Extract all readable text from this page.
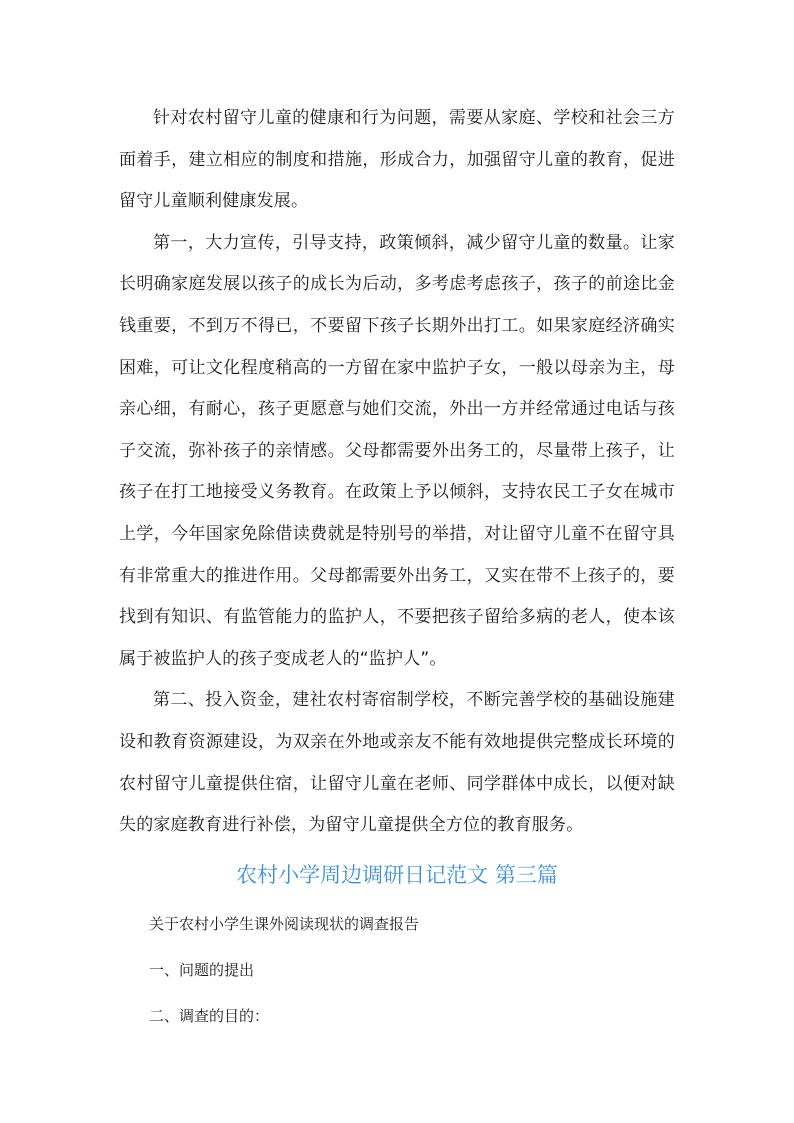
针对农村留守儿童的健康和行为问题，需要从家庭、学校和社会三方面着手，建立相应的制度和措施，形成合力，加强留守儿童的教育，促进留守儿童顺利健康发展。

第一，大力宣传，引导支持，政策倾斜，减少留守儿童的数量。让家长明确家庭发展以孩子的成长为后动，多考虑考虑孩子，孩子的前途比金钱重要，不到万不得已，不要留下孩子长期外出打工。如果家庭经济确实困难，可让文化程度稍高的一方留在家中监护子女，一般以母亲为主，母亲心细，有耐心，孩子更愿意与她们交流，外出一方并经常通过电话与孩子交流，弥补孩子的亲情感。父母都需要外出务工的，尽量带上孩子，让孩子在打工地接受义务教育。在政策上予以倾斜，支持农民工子女在城市上学，今年国家免除借读费就是特别号的举措，对让留守儿童不在留守具有非常重大的推进作用。父母都需要外出务工，又实在带不上孩子的，要找到有知识、有监管能力的监护人，不要把孩子留给多病的老人，使本该属于被监护人的孩子变成老人的“监护人”。

第二、投入资金，建社农村寄宿制学校，不断完善学校的基础设施建设和教育资源建设，为双亲在外地或亲友不能有效地提供完整成长环境的农村留守儿童提供住宿，让留守儿童在老师、同学群体中成长，以便对缺失的家庭教育进行补偿，为留守儿童提供全方位的教育服务。

农村小学周边调研日记范文 第三篇

关于农村小学生课外阅读现状的调查报告

一、问题的提出

二、调查的目的：
